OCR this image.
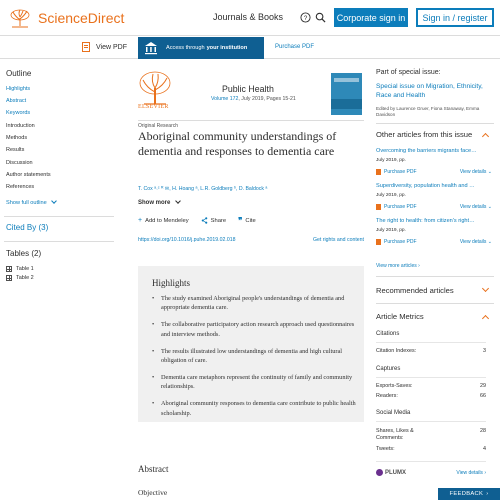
ScienceDirect	Journals & Books	?	Corporate sign in	Sign in / register
View PDF	Access through your institution	Purchase PDF
Outline
Highlights
Abstract
Keywords
Introduction
Methods
Results
Discussion
Author statements
References
Show full outline
Cited By (3)
Tables (2)
Table 1
Table 2
ELSEVIER
Public Health
Volume 172, July 2019, Pages 15-21
Original Research
Aboriginal community understandings of dementia and responses to dementia care
T. Cox ᵃ˒ᶜ ᴿ ✉, H. Hoang ᵃ, L.R. Goldberg ᵇ, D. Baldock ᵃ
Show more
+ Add to Mendeley	Share ❞ Cite
https://doi.org/10.1016/j.puhe.2019.02.018	Get rights and content
Highlights
• The study examined Aboriginal people's understandings of dementia and appropriate dementia care.
• The collaborative participatory action research approach used questionnaires and interview methods.
• The results illustrated low understandings of dementia and high cultural obligation of care.
• Dementia care metaphors represent the continuity of family and community relationships.
• Aboriginal community responses to dementia care contribute to public health scholarship.
Abstract
Objective
Part of special issue:
Special issue on Migration, Ethnicity, Race and Health
Edited by Laurence Gruer, Fiona Stanaway, Emma Davidson
Other articles from this issue
Overcoming the barriers migrants face…
July 2019, pp.
Purchase PDF	View details ⌄
Superdiversity, population health and …
July 2019, pp.
Purchase PDF	View details ⌄
The right to health: from citizen's right…
July 2019, pp.
Purchase PDF	View details ⌄
View more articles ›
Recommended articles
Article Metrics
Citations
Citation Indexes:	3
Captures
Exports-Saves:	29
Readers:	66
Social Media
Shares, Likes & Comments:
28
Tweets:	4
PLUMX	View details ›
FEEDBACK ›
